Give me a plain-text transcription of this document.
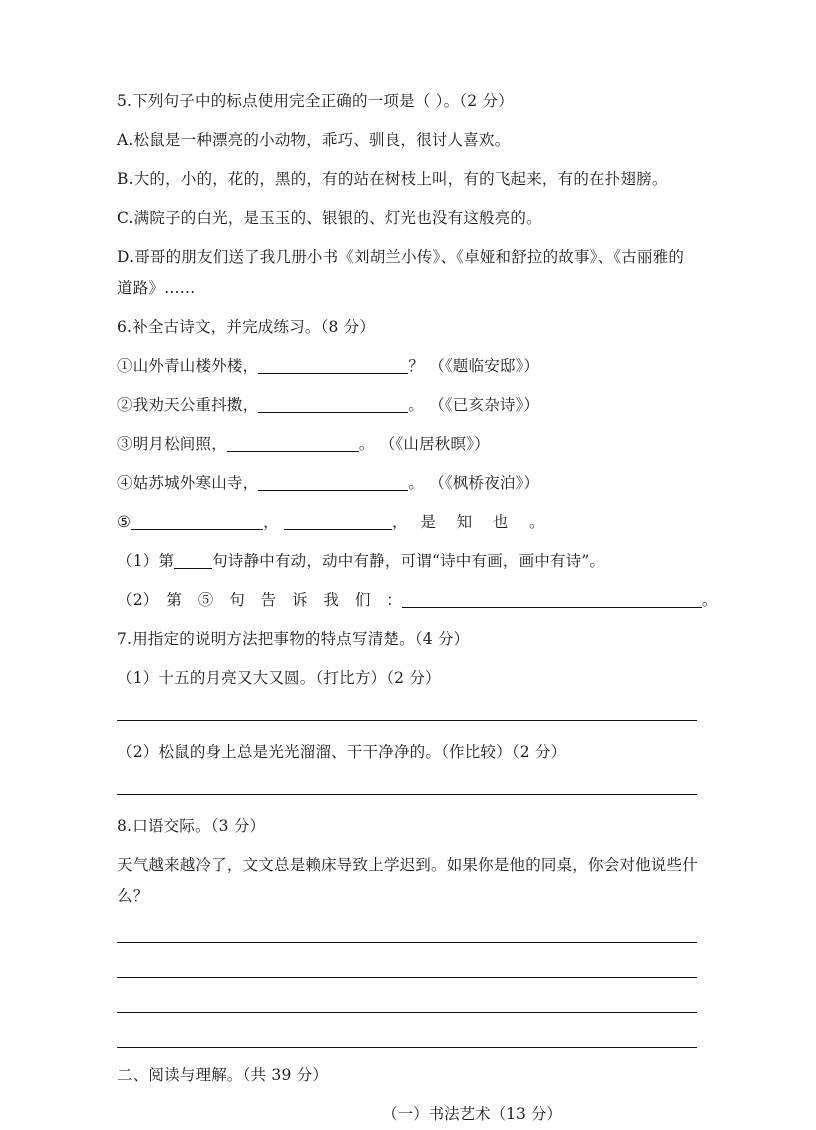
5.下列句子中的标点使用完全正确的一项是（ ）。（2 分）
A.松鼠是一种漂亮的小动物，乖巧、驯良，很讨人喜欢。
B.大的，小的，花的，黑的，有的站在树枝上叫，有的飞起来，有的在扑翅膀。
C.满院子的白光，是玉玉的、银银的、灯光也没有这般亮的。
D.哥哥的朋友们送了我几册小书《刘胡兰小传》、《卓娅和舒拉的故事》、《古丽雅的道路》……
6.补全古诗文，并完成练习。（8 分）
①山外青山楼外楼，	？ （《题临安邸》）
②我劝天公重抖擞，	。 （《已亥杂诗》）
③明月松间照，	。 （《山居秋暝》）
④姑苏城外寒山寺，	。 （《枫桥夜泊》）
⑤	，	，　是　知　也　。
（1）第 句诗静中有动，动中有静，可谓“诗中有画，画中有诗”。
（2）　第　⑤　句　告　诉　我　们　：	。
7.用指定的说明方法把事物的特点写清楚。（4 分）
（1）十五的月亮又大又圆。（打比方）（2 分）
（2）松鼠的身上总是光光溜溜、干干净净的。（作比较）（2 分）
8.口语交际。（3 分）
天气越来越冷了，文文总是赖床导致上学迟到。如果你是他的同桌，你会对他说些什么？
二、阅读与理解。（共 39 分）
（一）书法艺术（13 分）
